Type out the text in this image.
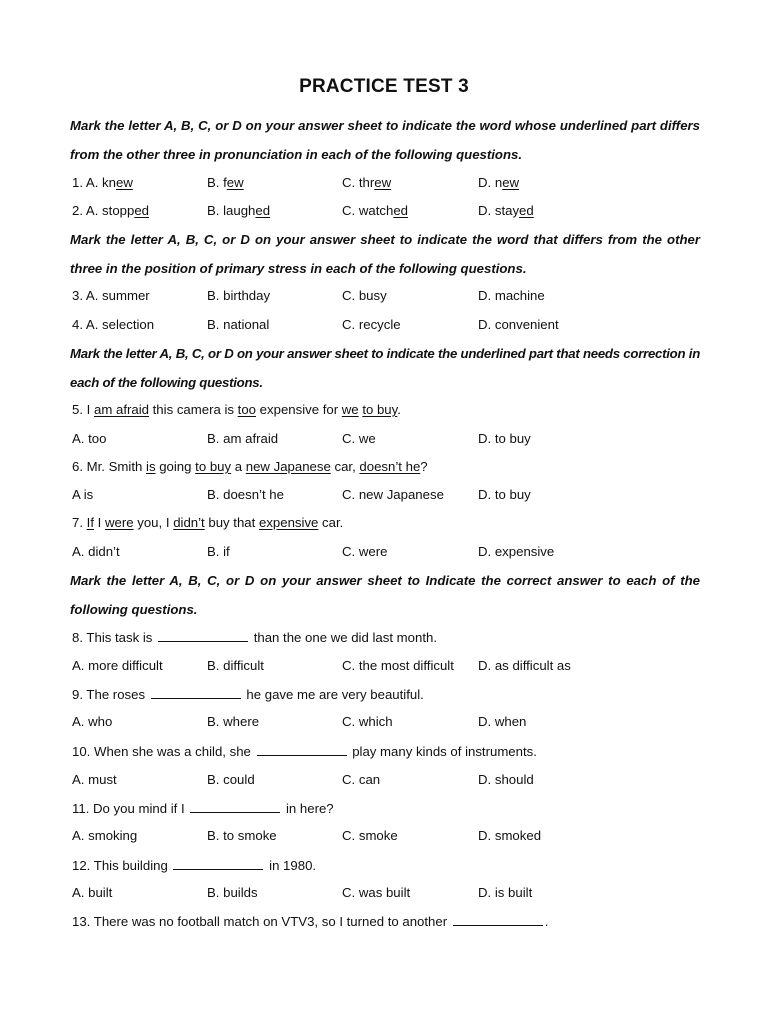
PRACTICE TEST 3
Mark the letter A, B, C, or D on your answer sheet to indicate the word whose underlined part differs from the other three in pronunciation in each of the following questions.
1. A. knew	B. few	C. threw	D. new
2. A. stopped	B. laughed	C. watched	D. stayed
Mark the letter A, B, C, or D on your answer sheet to indicate the word that differs from the other three in the position of primary stress in each of the following questions.
3. A. summer	B. birthday	C. busy	D. machine
4. A. selection	B. national	C. recycle	D. convenient
Mark the letter A, B, C, or D on your answer sheet to indicate the underlined part that needs correction in each of the following questions.
5. I am afraid this camera is too expensive for we to buy.
A. too	B. am afraid	C. we	D. to buy
6. Mr. Smith is going to buy a new Japanese car, doesn’t he?
A is	B. doesn’t he	C. new Japanese	D. to buy
7. If I were you, I didn’t buy that expensive car.
A. didn’t	B. if	C. were	D. expensive
Mark the letter A, B, C, or D on your answer sheet to Indicate the correct answer to each of the following questions.
8. This task is	than the one we did last month.
A. more difficult	B. difficult	C. the most difficult D. as difficult as
9. The roses	he gave me are very beautiful.
A. who	B. where	C. which	D. when
10. When she was a child, she	play many kinds of instruments.
A. must	B. could	C. can	D. should
11. Do you mind if I	in here?
A. smoking	B. to smoke	C. smoke	D. smoked
12. This building	in 1980.
A. built	B. builds	C. was built	D. is built
13. There was no football match on VTV3, so I turned to another	.
